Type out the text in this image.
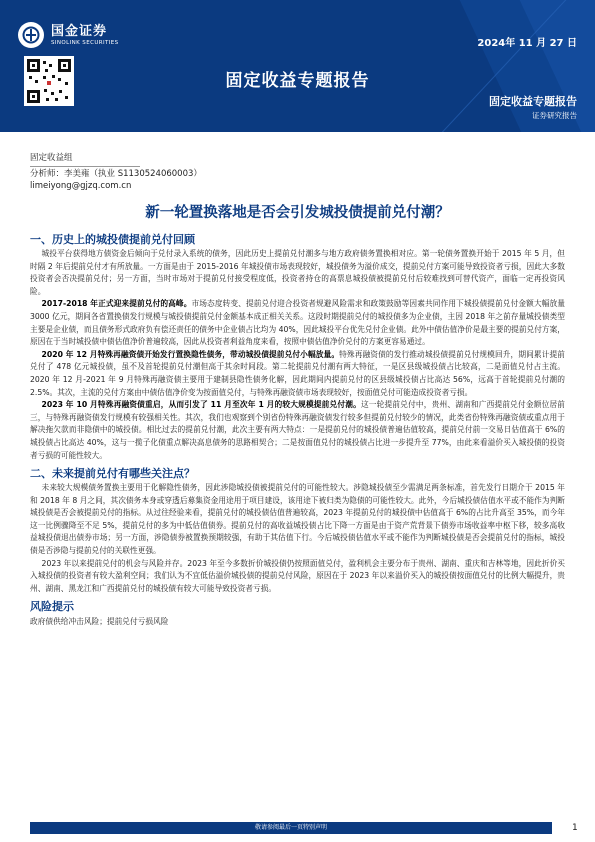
国金证券
SINOLINK SECURITIES	2024年 11 月 27 日
固定收益专题报告
固定收益专题报告
证券研究报告
固定收益组
分析师：李美雍（执业 S1130524060003）
limeiyong@gjzq.com.cn
新一轮置换落地是否会引发城投债提前兑付潮？
一、历史上的城投债提前兑付回顾

城投平台获得地方债资金后倾向于兑付录入系统的债务，因此历史上提前兑付潮多与地方政府债务置换相对应。第一轮债务置换开始于 2015 年 5 月，但时隔 2 年后提前兑付才有所放量。一方面是由于 2015-2016 年城投债市场表现较好，城投债务为溢价成交，提前兑付方案可能导致投资者亏损，因此大多数投资者会否决提前兑付；另一方面，当时市场对于提前兑付接受程度低，投资者持仓的高票息城投债被提前兑付后较难找到可替代资产，面临一定再投资风险。

2017-2018 年正式迎来提前兑付的高峰。市场态度转变、提前兑付迎合投资者规避风险需求和政策鼓励等因素共同作用下城投债提前兑付金额大幅放量 3000 亿元，期间各省置换债发行规模与城投债提前兑付金额基本成正相关关系。这段时期提前兑付的城投债多为企业债，主因 2018 年之前存量城投债类型主要是企业债，而且债务形式政府负有偿还责任的债务中企业债占比均为 40%，因此城投平台优先兑付企业债。此外中债估值净价是最主要的提前兑付方案，原因在于当时城投债中债估值净价普遍较高，因此从投资者利益角度来看，按照中债估值净价兑付的方案更容易通过。

2020 年 12 月特殊再融资债开始发行置换隐性债务，带动城投债提前兑付小幅放量。特殊再融资债的发行推动城投债提前兑付规模回升，期间累计提前兑付了 478 亿元城投债，虽不及首轮提前兑付潮但高于其余时间段。第二轮提前兑付潮有两大特征，一是区县级城投债占比较高，二是面值兑付占主流。2020 年 12 月-2021 年 9 月特殊再融资债主要用于建制县隐性债务化解，因此期间内提前兑付的区县级城投债占比高达 56%，远高于首轮提前兑付潮的 2.5%。其次，主流的兑付方案由中债估值净价变为按面值兑付，与特殊再融资债市场表现较好，按面值兑付可能造成投资者亏损。

2023 年 10 月特殊再融资债重启，从而引发了 11 月至次年 1 月的较大规模提前兑付潮。这一轮提前兑付中，贵州、湖南和广西提前兑付金额位居前三，与特殊再融资债发行规模有较强相关性。其次，我们也观察到个别省份特殊再融资债发行较多但提前兑付较少的情况，此类省份特殊再融资债或重点用于解决拖欠款而非隐债中的城投债。相比过去的提前兑付潮，此次主要有两大特点：一是提前兑付的城投债普遍估值较高，提前兑付前一交易日估值高于 6%的城投债占比高达 40%，这与一揽子化债重点解决高息债务的思路相契合；二是按面值兑付的城投债占比进一步提升至 77%，由此来看溢价买入城投债的投资者亏损的可能性较大。

二、未来提前兑付有哪些关注点？

未来较大规模债务置换主要用于化解隐性债务，因此涉隐城投债被提前兑付的可能性较大。涉隐城投债至少需满足两条标准，首先发行日期介于 2015 年和 2018 年 8 月之间，其次债务本身或穿透后募集资金用途用于项目建设，该用途下被归类为隐债的可能性较大。此外，今后城投债估值水平或不能作为判断城投债是否会被提前兑付的指标。从过往经验来看，提前兑付的城投债估值普遍较高，2023 年提前兑付的城投债中估值高于 6%的占比升高至 35%，而今年这一比例骤降至不足 5%，提前兑付的多为中低估值债券。提前兑付的高收益城投债占比下降一方面是由于资产荒背景下债券市场收益率中枢下移，较多高收益城投债退出债券市场；另一方面，涉隐债券被置换预期较强，有助于其估值下行。今后城投债估值水平或不能作为判断城投债是否会提前兑付的指标，城投债是否涉隐与提前兑付的关联性更强。

2023 年以来提前兑付的机会与风险并存。2023 年至今多数折价城投债仍按照面值兑付，盈利机会主要分布于贵州、湖南、重庆和吉林等地，因此折价买入城投债的投资者有较大盈利空间；我们认为不宜低估溢价城投债的提前兑付风险，原因在于 2023 年以来溢价买入的城投债按面值兑付的比例大幅提升，贵州、湖南、黑龙江和广西提前兑付的城投债有较大可能导致投资者亏损。

风险提示

政府债供给冲击风险；提前兑付亏损风险

敬请参阅最后一页特别声明	1
